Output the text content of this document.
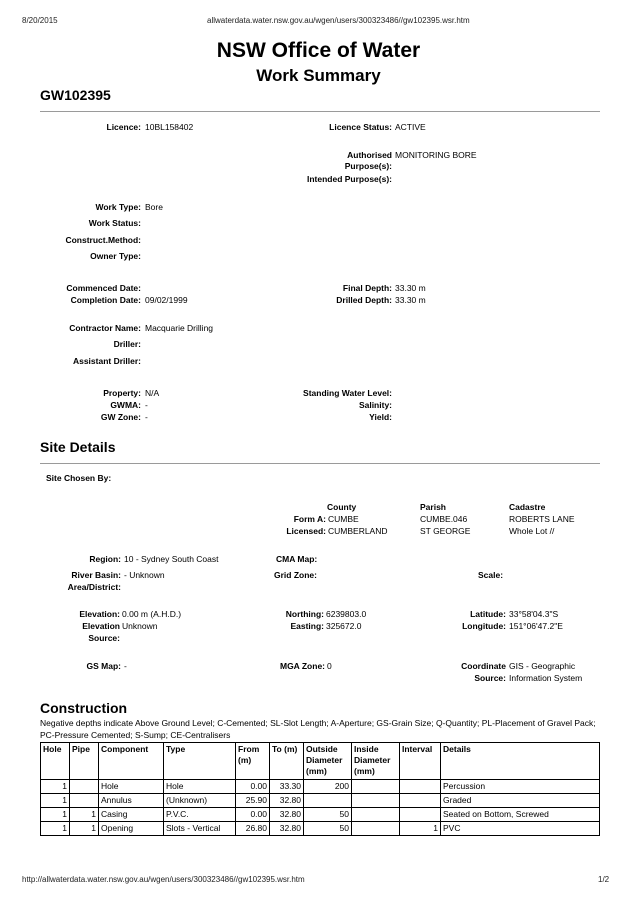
8/20/2015	allwaterdata.water.nsw.gov.au/wgen/users/300323486//gw102395.wsr.htm
NSW Office of Water
Work Summary
GW102395
Licence: 10BL158402	Licence Status: ACTIVE
Authorised MONITORING BORE
Purpose(s):
Intended Purpose(s):
Work Type: Bore
Work Status:
Construct.Method:
Owner Type:
Commenced Date:
Completion Date: 09/02/1999
Final Depth: 33.30 m
Drilled Depth: 33.30 m
Contractor Name: Macquarie Drilling
Driller:
Assistant Driller:
Property: N/A
GWMA: -
GW Zone: -
Standing Water Level:
Salinity:
Yield:
Site Details
Site Chosen By:
County	Parish	Cadastre
Form A: CUMBE	CUMBE.046	ROBERTS LANE
Licensed: CUMBERLAND	ST GEORGE	Whole Lot //
Region: 10 - Sydney South Coast	CMA Map:
River Basin: - Unknown
Area/District:
Grid Zone:	Scale:
Elevation: 0.00 m (A.H.D.)
Elevation Unknown
Source:
Northing: 6239803.0
Easting: 325672.0
Latitude: 33°58'04.3"S
Longitude: 151°06'47.2"E
GS Map: -	MGA Zone: 0	Coordinate GIS - Geographic
Source: Information System
Construction
Negative depths indicate Above Ground Level; C-Cemented; SL-Slot Length; A-Aperture; GS-Grain Size; Q-Quantity; PL-Placement of Gravel Pack; PC-Pressure Cemented; S-Sump; CE-Centralisers
Hole	Pipe	Component	Type	From (m)	To (m)	Outside Diameter (mm)	Inside Diameter (mm)	Interval	Details
1		Hole	Hole	0.00	33.30	200			Percussion
1		Annulus	(Unknown)	25.90	32.80				Graded
1	1	Casing	P.V.C.	0.00	32.80	50			Seated on Bottom, Screwed
1	1	Opening	Slots - Vertical	26.80	32.80	50		1	PVC
http://allwaterdata.water.nsw.gov.au/wgen/users/300323486//gw102395.wsr.htm	1/2
